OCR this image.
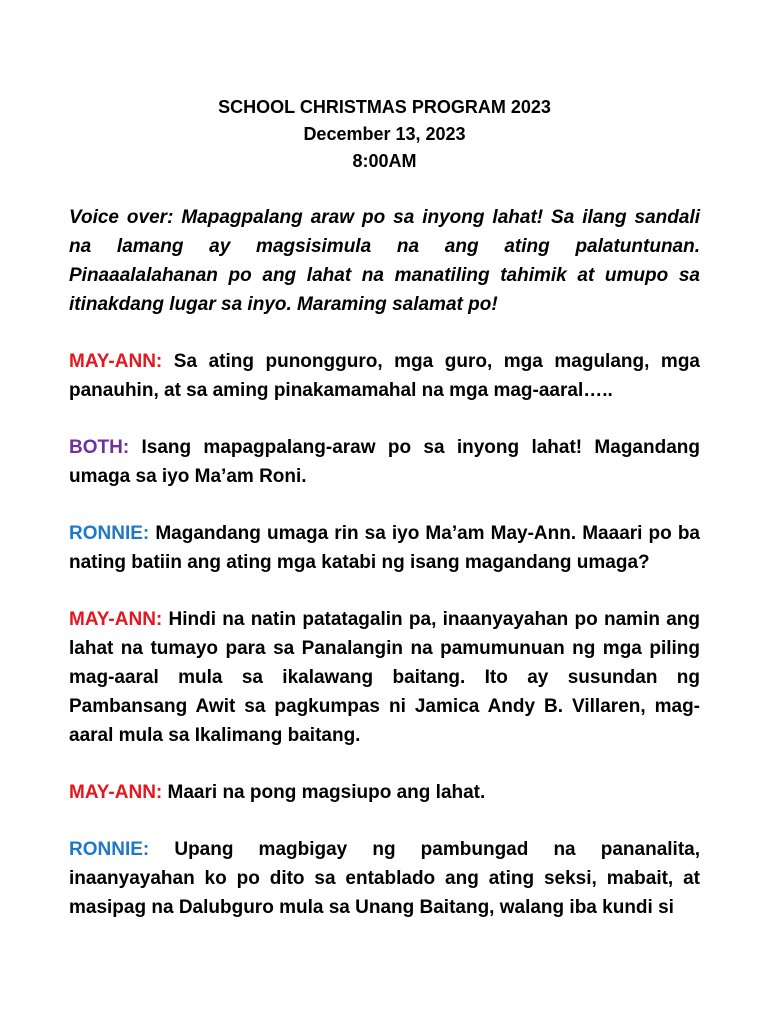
SCHOOL CHRISTMAS PROGRAM 2023
December 13, 2023
8:00AM

Voice over: Mapagpalang araw po sa inyong lahat! Sa ilang sandali na lamang ay magsisimula na ang ating palatuntunan. Pinaaalalahanan po ang lahat na manatiling tahimik at umupo sa itinakdang lugar sa inyo. Maraming salamat po!

MAY-ANN: Sa ating punongguro, mga guro, mga magulang, mga panauhin, at sa aming pinakamamahal na mga mag-aaral…..

BOTH: Isang mapagpalang-araw po sa inyong lahat! Magandang umaga sa iyo Ma’am Roni.

RONNIE: Magandang umaga rin sa iyo Ma’am May-Ann. Maaari po ba nating batiin ang ating mga katabi ng isang magandang umaga?

MAY-ANN: Hindi na natin patatagalin pa, inaanyayahan po namin ang lahat na tumayo para sa Panalangin na pamumunuan ng mga piling mag-aaral mula sa ikalawang baitang. Ito ay susundan ng Pambansang Awit sa pagkumpas ni Jamica Andy B. Villaren, mag-aaral mula sa Ikalimang baitang.

MAY-ANN: Maari na pong magsiupo ang lahat.

RONNIE: Upang magbigay ng pambungad na pananalita, inaanyayahan ko po dito sa entablado ang ating seksi, mabait, at masipag na Dalubguro mula sa Unang Baitang, walang iba kundi si
